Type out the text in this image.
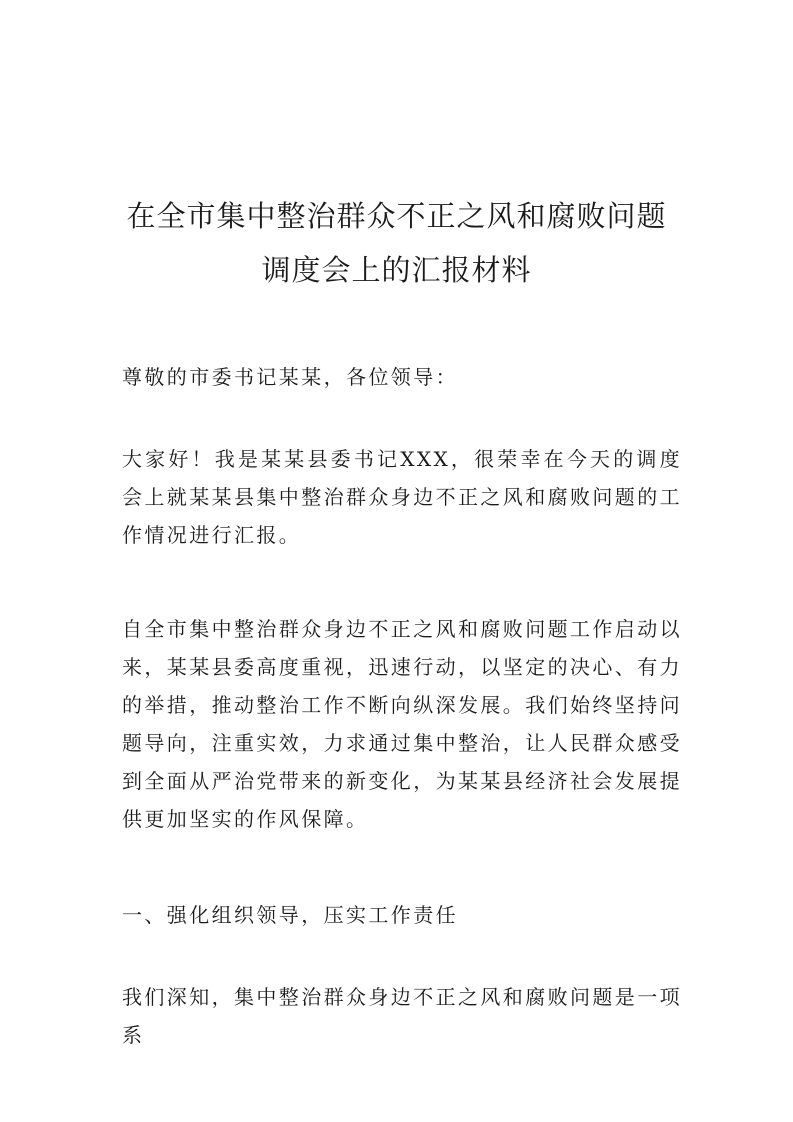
在全市集中整治群众不正之风和腐败问题
调度会上的汇报材料
尊敬的市委书记某某，各位领导：
大家好！我是某某县委书记XXX，很荣幸在今天的调度会上就某某县集中整治群众身边不正之风和腐败问题的工作情况进行汇报。
自全市集中整治群众身边不正之风和腐败问题工作启动以来，某某县委高度重视，迅速行动，以坚定的决心、有力的举措，推动整治工作不断向纵深发展。我们始终坚持问题导向，注重实效，力求通过集中整治，让人民群众感受到全面从严治党带来的新变化，为某某县经济社会发展提供更加坚实的作风保障。
一、强化组织领导，压实工作责任
我们深知，集中整治群众身边不正之风和腐败问题是一项系
